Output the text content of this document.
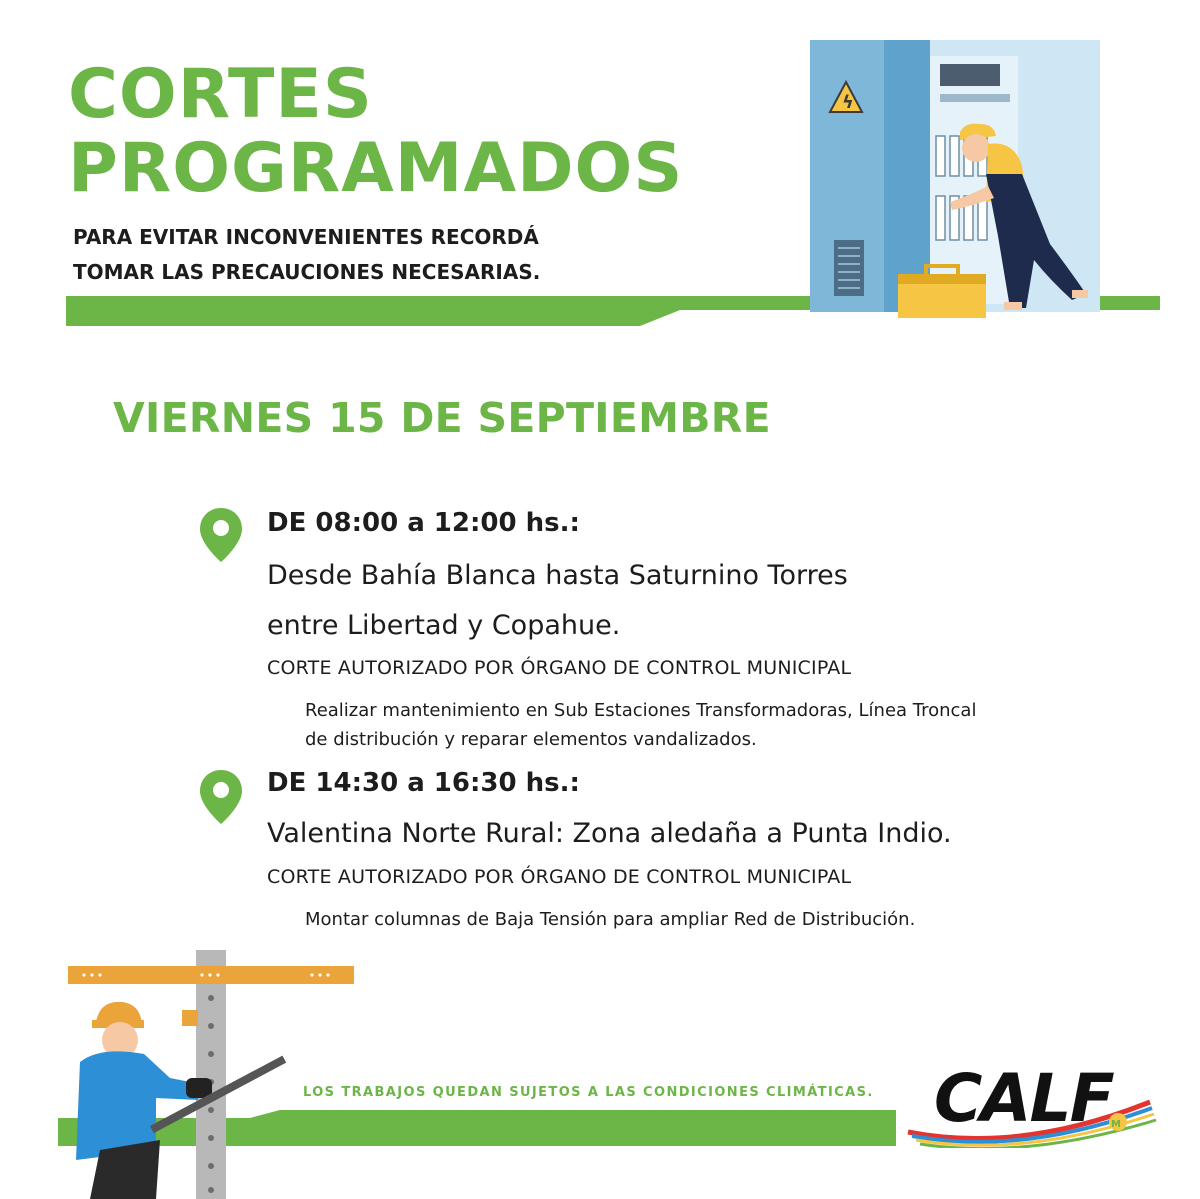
ϟ
CORTES
PROGRAMADOS

PARA EVITAR INCONVENIENTES RECORDÁ
TOMAR LAS PRECAUCIONES NECESARIAS.

VIERNES 15 DE SEPTIEMBRE

DE 08:00 a 12:00 hs.:

Desde Bahía Blanca hasta Saturnino Torres

entre Libertad y Copahue.

CORTE AUTORIZADO POR ÓRGANO DE CONTROL MUNICIPAL

Realizar mantenimiento en Sub Estaciones Transformadoras, Línea Troncal
de distribución y reparar elementos vandalizados.

DE 14:30 a 16:30 hs.:

Valentina Norte Rural: Zona aledaña a Punta Indio.

CORTE AUTORIZADO POR ÓRGANO DE CONTROL MUNICIPAL

Montar columnas de Baja Tensión para ampliar Red de Distribución.

LOS TRABAJOS QUEDAN SUJETOS A LAS CONDICIONES CLIMÁTICAS.

M
CALF
